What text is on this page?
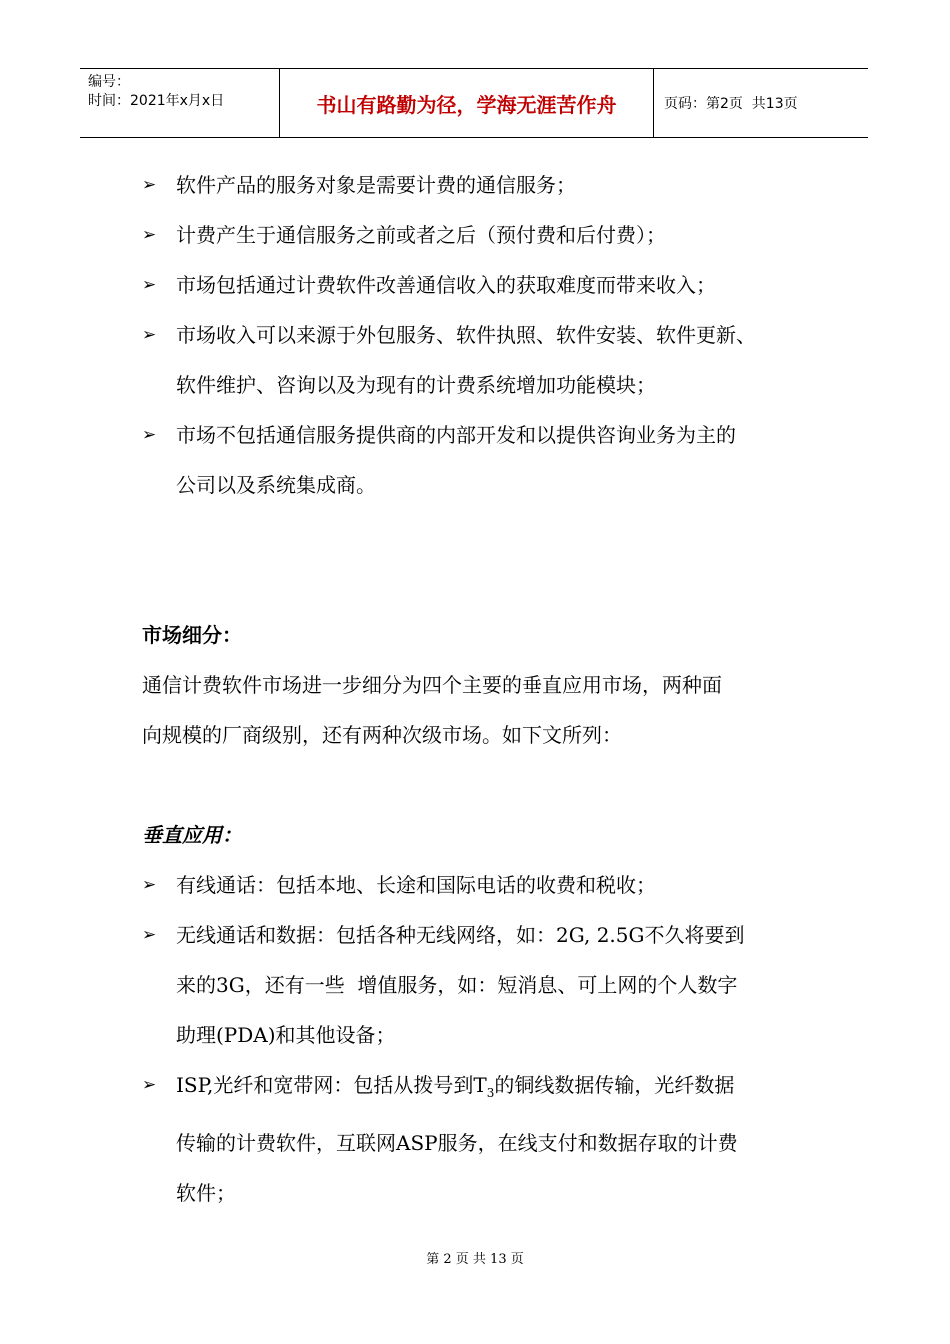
编号：
时间：2021年x月x日	书山有路勤为径，学海无涯苦作舟	页码：第2页  共13页
➢ 软件产品的服务对象是需要计费的通信服务；
➢ 计费产生于通信服务之前或者之后（预付费和后付费）；
➢ 市场包括通过计费软件改善通信收入的获取难度而带来收入；
➢ 市场收入可以来源于外包服务、软件执照、软件安装、软件更新、
软件维护、咨询以及为现有的计费系统增加功能模块；
➢ 市场不包括通信服务提供商的内部开发和以提供咨询业务为主的
公司以及系统集成商。
市场细分：
通信计费软件市场进一步细分为四个主要的垂直应用市场，两种面
向规模的厂商级别，还有两种次级市场。如下文所列：
垂直应用：
➢ 有线通话：包括本地、长途和国际电话的收费和税收；
➢ 无线通话和数据：包括各种无线网络，如：2G, 2.5G不久将要到
来的3G，还有一些  增值服务，如：短消息、可上网的个人数字
助理(PDA)和其他设备；
➢ ISP,光纤和宽带网：包括从拨号到$T_3$的铜线数据传输，光纤数据
传输的计费软件，互联网ASP服务，在线支付和数据存取的计费
软件；
第 2 页 共 13 页
